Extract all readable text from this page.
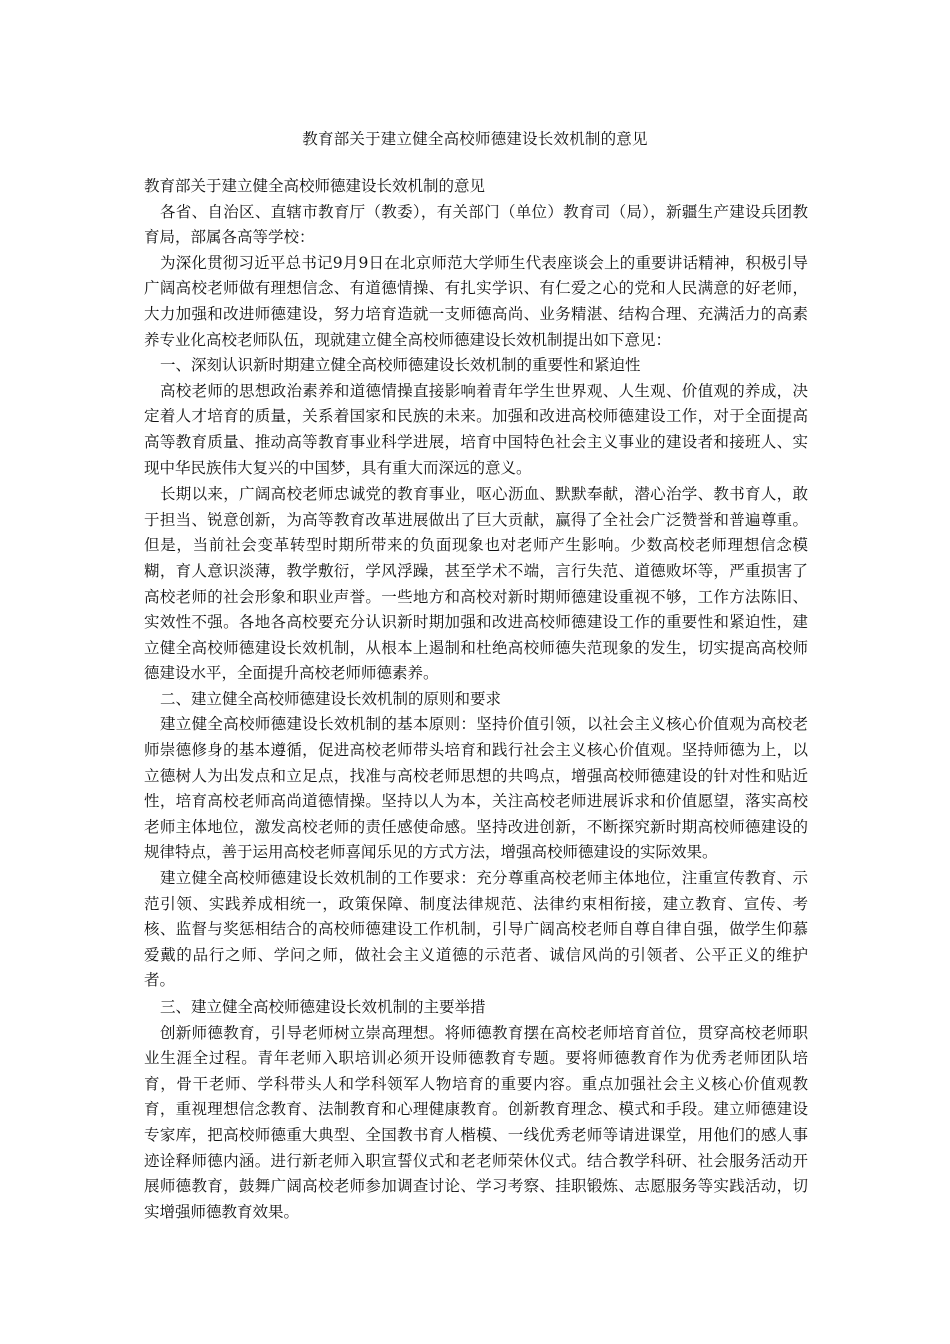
教育部关于建立健全高校师德建设长效机制的意见

教育部关于建立健全高校师德建设长效机制的意见

各省、自治区、直辖市教育厅（教委），有关部门（单位）教育司（局），新疆生产建设兵团教育局，部属各高等学校：

为深化贯彻习近平总书记9月9日在北京师范大学师生代表座谈会上的重要讲话精神，积极引导广阔高校老师做有理想信念、有道德情操、有扎实学识、有仁爱之心的党和人民满意的好老师，大力加强和改进师德建设，努力培育造就一支师德高尚、业务精湛、结构合理、充满活力的高素养专业化高校老师队伍，现就建立健全高校师德建设长效机制提出如下意见：

一、深刻认识新时期建立健全高校师德建设长效机制的重要性和紧迫性

高校老师的思想政治素养和道德情操直接影响着青年学生世界观、人生观、价值观的养成，决定着人才培育的质量，关系着国家和民族的未来。加强和改进高校师德建设工作，对于全面提高高等教育质量、推动高等教育事业科学进展，培育中国特色社会主义事业的建设者和接班人、实现中华民族伟大复兴的中国梦，具有重大而深远的意义。

长期以来，广阔高校老师忠诚党的教育事业，呕心沥血、默默奉献，潜心治学、教书育人，敢于担当、锐意创新，为高等教育改革进展做出了巨大贡献，赢得了全社会广泛赞誉和普遍尊重。但是，当前社会变革转型时期所带来的负面现象也对老师产生影响。少数高校老师理想信念模糊，育人意识淡薄，教学敷衍，学风浮躁，甚至学术不端，言行失范、道德败坏等，严重损害了高校老师的社会形象和职业声誉。一些地方和高校对新时期师德建设重视不够，工作方法陈旧、实效性不强。各地各高校要充分认识新时期加强和改进高校师德建设工作的重要性和紧迫性，建立健全高校师德建设长效机制，从根本上遏制和杜绝高校师德失范现象的发生，切实提高高校师德建设水平，全面提升高校老师师德素养。

二、建立健全高校师德建设长效机制的原则和要求

建立健全高校师德建设长效机制的基本原则：坚持价值引领，以社会主义核心价值观为高校老师崇德修身的基本遵循，促进高校老师带头培育和践行社会主义核心价值观。坚持师德为上，以立德树人为出发点和立足点，找准与高校老师思想的共鸣点，增强高校师德建设的针对性和贴近性，培育高校老师高尚道德情操。坚持以人为本，关注高校老师进展诉求和价值愿望，落实高校老师主体地位，激发高校老师的责任感使命感。坚持改进创新，不断探究新时期高校师德建设的规律特点，善于运用高校老师喜闻乐见的方式方法，增强高校师德建设的实际效果。

建立健全高校师德建设长效机制的工作要求：充分尊重高校老师主体地位，注重宣传教育、示范引领、实践养成相统一，政策保障、制度法律规范、法律约束相衔接，建立教育、宣传、考核、监督与奖惩相结合的高校师德建设工作机制，引导广阔高校老师自尊自律自强，做学生仰慕爱戴的品行之师、学问之师，做社会主义道德的示范者、诚信风尚的引领者、公平正义的维护者。

三、建立健全高校师德建设长效机制的主要举措

创新师德教育，引导老师树立崇高理想。将师德教育摆在高校老师培育首位，贯穿高校老师职业生涯全过程。青年老师入职培训必须开设师德教育专题。要将师德教育作为优秀老师团队培育，骨干老师、学科带头人和学科领军人物培育的重要内容。重点加强社会主义核心价值观教育，重视理想信念教育、法制教育和心理健康教育。创新教育理念、模式和手段。建立师德建设专家库，把高校师德重大典型、全国教书育人楷模、一线优秀老师等请进课堂，用他们的感人事迹诠释师德内涵。进行新老师入职宣誓仪式和老老师荣休仪式。结合教学科研、社会服务活动开展师德教育，鼓舞广阔高校老师参加调查讨论、学习考察、挂职锻炼、志愿服务等实践活动，切实增强师德教育效果。
